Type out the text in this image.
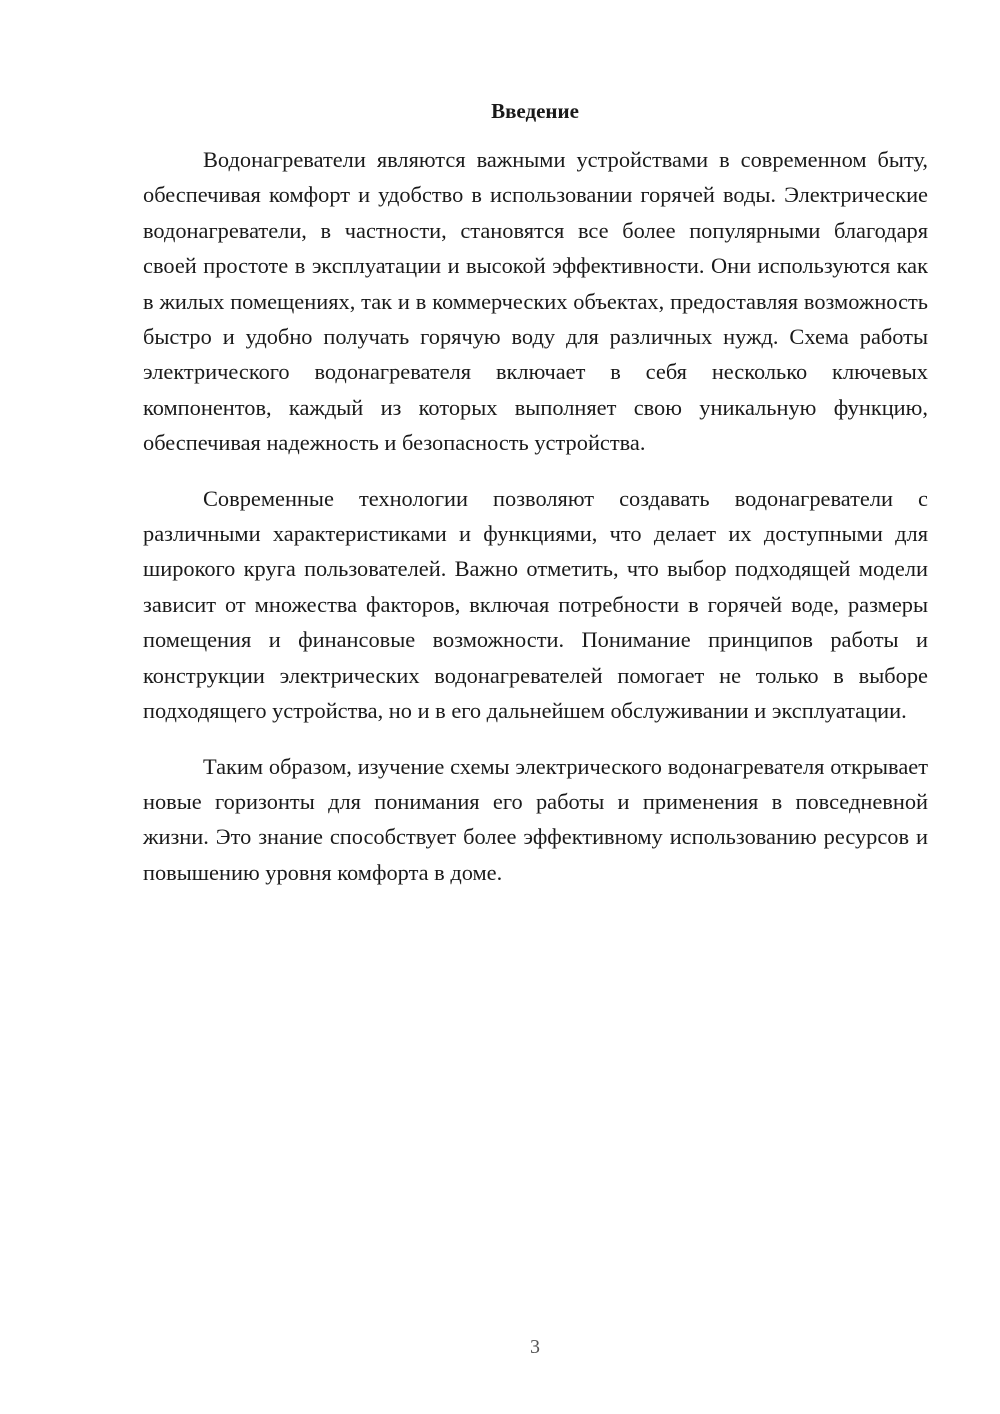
Введение

Водонагреватели являются важными устройствами в современном быту, обеспечивая комфорт и удобство в использовании горячей воды. Электрические водонагреватели, в частности, становятся все более популярными благодаря своей простоте в эксплуатации и высокой эффективности. Они используются как в жилых помещениях, так и в коммерческих объектах, предоставляя возможность быстро и удобно получать горячую воду для различных нужд. Схема работы электрического водонагревателя включает в себя несколько ключевых компонентов, каждый из которых выполняет свою уникальную функцию, обеспечивая надежность и безопасность устройства.

Современные технологии позволяют создавать водонагреватели с различными характеристиками и функциями, что делает их доступными для широкого круга пользователей. Важно отметить, что выбор подходящей модели зависит от множества факторов, включая потребности в горячей воде, размеры помещения и финансовые возможности. Понимание принципов работы и конструкции электрических водонагревателей помогает не только в выборе подходящего устройства, но и в его дальнейшем обслуживании и эксплуатации.

Таким образом, изучение схемы электрического водонагревателя открывает новые горизонты для понимания его работы и применения в повседневной жизни. Это знание способствует более эффективному использованию ресурсов и повышению уровня комфорта в доме.

3
